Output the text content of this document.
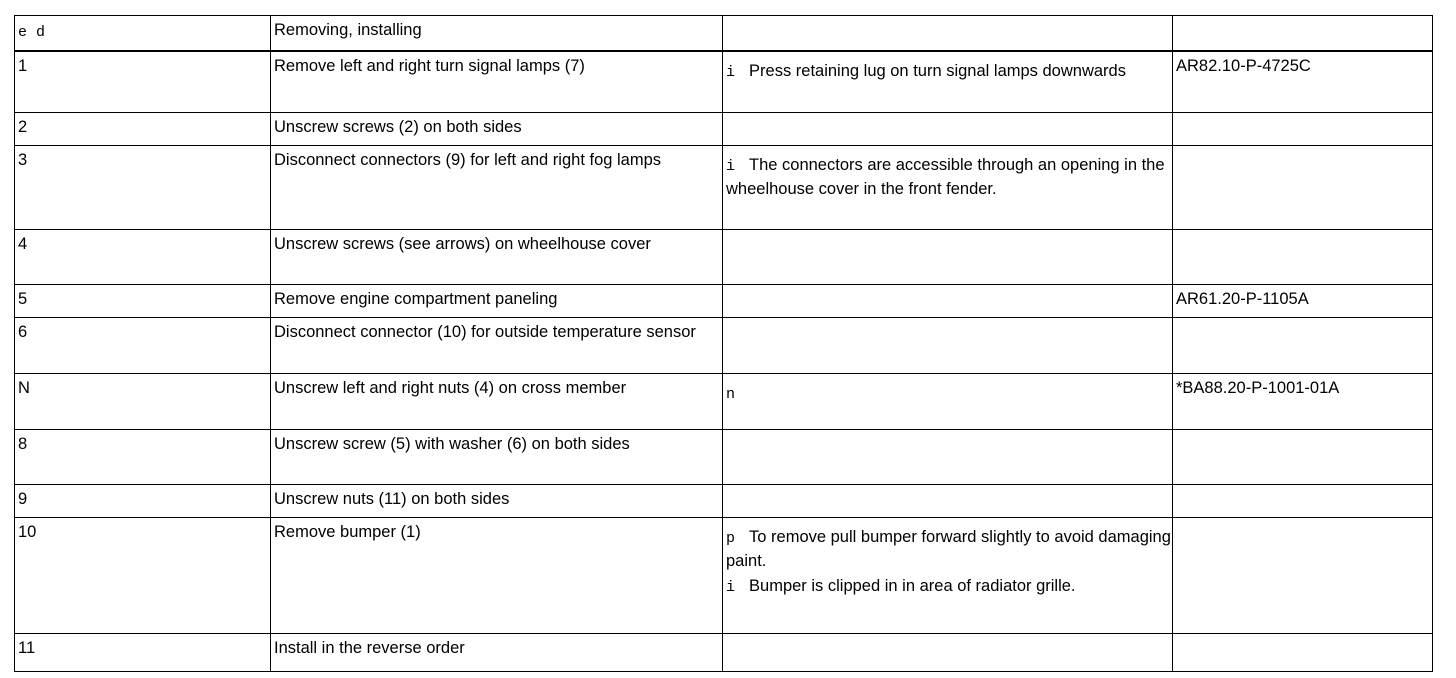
e d	Removing, installing		

1	Remove left and right turn signal lamps (7)	i Press retaining lug on turn signal lamps downwards	AR82.10-P-4725C

2	Unscrew screws (2) on both sides		

3	Disconnect connectors (9) for left and right fog lamps	i The connectors are accessible through an opening in the wheelhouse cover in the front fender.	

4	Unscrew screws (see arrows) on wheelhouse cover		

5	Remove engine compartment paneling		AR61.20-P-1105A

6	Disconnect connector (10) for outside temperature sensor		

N	Unscrew left and right nuts (4) on cross member	n	*BA88.20-P-1001-01A

8	Unscrew screw (5) with washer (6) on both sides		

9	Unscrew nuts (11) on both sides		

10	Remove bumper (1)	p To remove pull bumper forward slightly to avoid damaging paint.
i Bumper is clipped in in area of radiator grille.	

11	Install in the reverse order		
